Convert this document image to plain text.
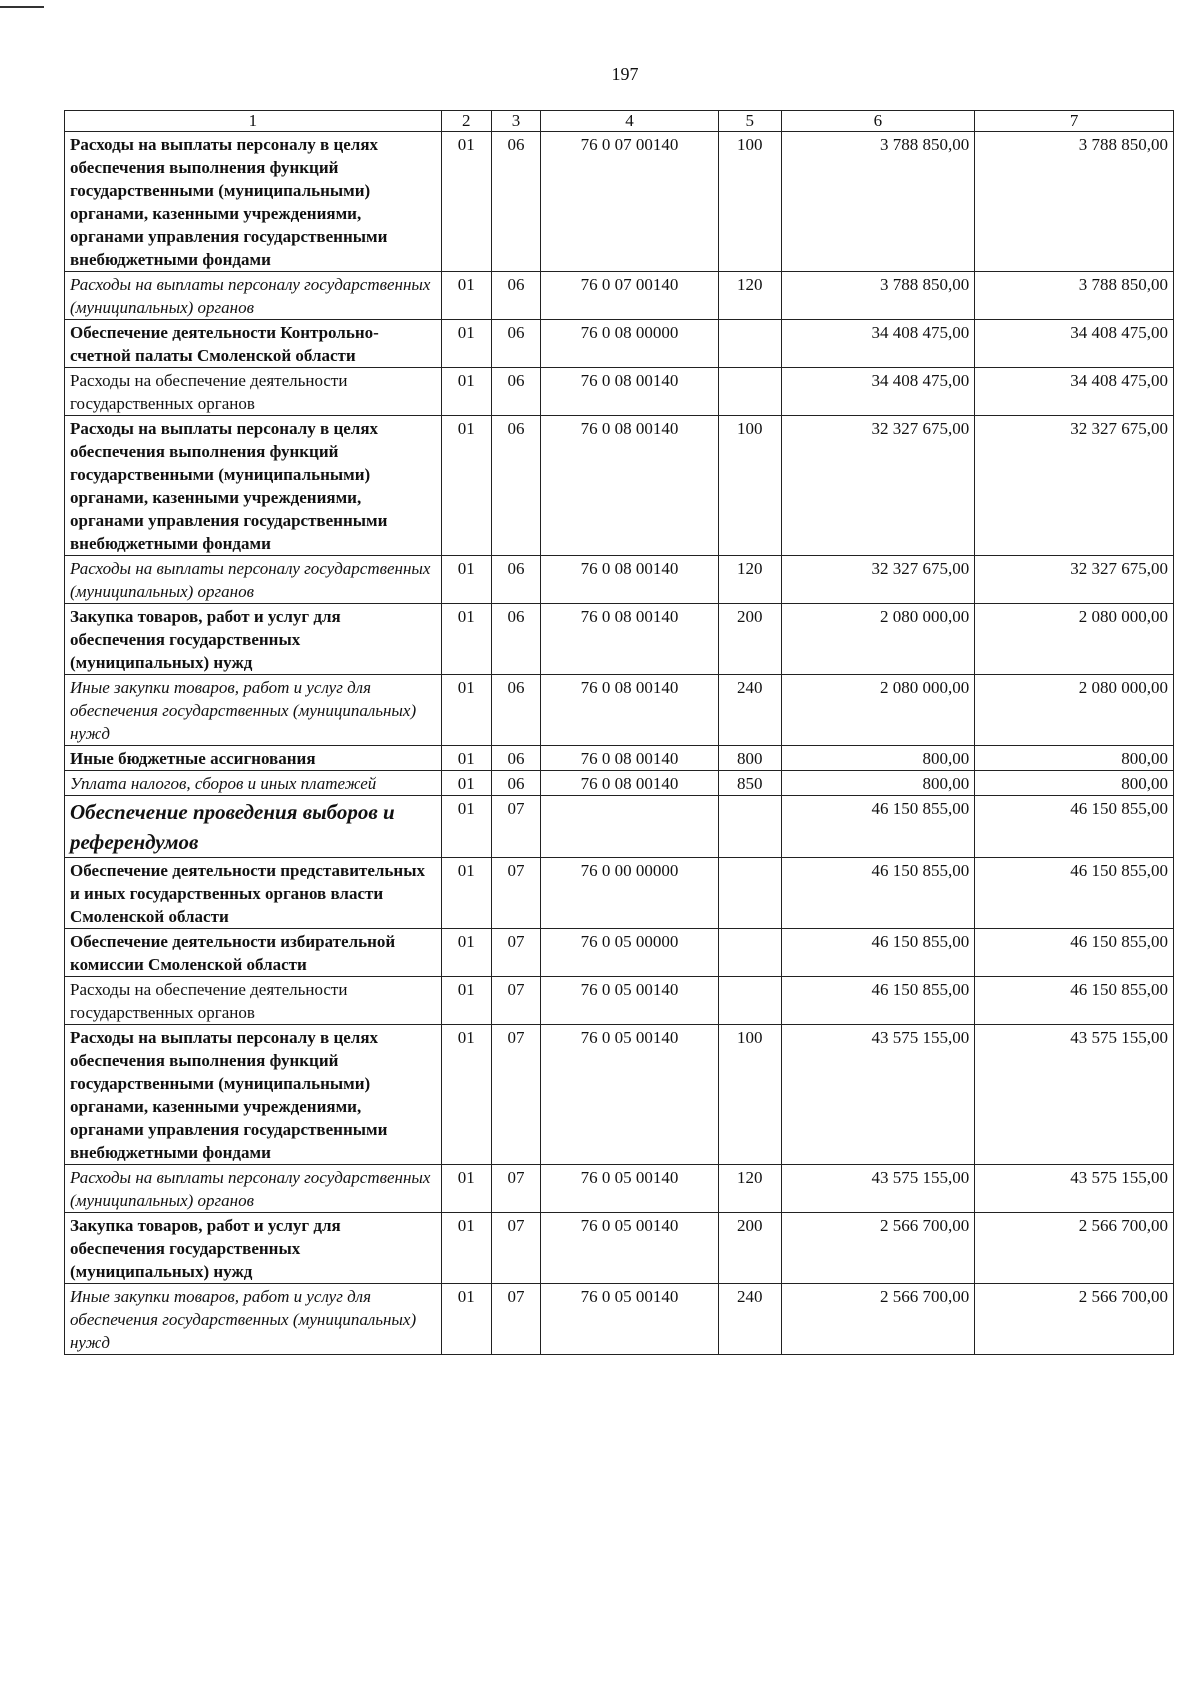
197
1	2	3	4	5	6	7
Расходы на выплаты персоналу в целях обеспечения выполнения функций государственными (муниципальными) органами, казенными учреждениями, органами управления государственными внебюджетными фондами	01	06	76 0 07 00140	100	3 788 850,00	3 788 850,00
Расходы на выплаты персоналу государственных (муниципальных) органов	01	06	76 0 07 00140	120	3 788 850,00	3 788 850,00
Обеспечение деятельности Контрольно-счетной палаты Смоленской области	01	06	76 0 08 00000		34 408 475,00	34 408 475,00
Расходы на обеспечение деятельности государственных органов	01	06	76 0 08 00140		34 408 475,00	34 408 475,00
Расходы на выплаты персоналу в целях обеспечения выполнения функций государственными (муниципальными) органами, казенными учреждениями, органами управления государственными внебюджетными фондами	01	06	76 0 08 00140	100	32 327 675,00	32 327 675,00
Расходы на выплаты персоналу государственных (муниципальных) органов	01	06	76 0 08 00140	120	32 327 675,00	32 327 675,00
Закупка товаров, работ и услуг для обеспечения государственных (муниципальных) нужд	01	06	76 0 08 00140	200	2 080 000,00	2 080 000,00
Иные закупки товаров, работ и услуг для обеспечения государственных (муниципальных) нужд	01	06	76 0 08 00140	240	2 080 000,00	2 080 000,00
Иные бюджетные ассигнования	01	06	76 0 08 00140	800	800,00	800,00
Уплата налогов, сборов и иных платежей	01	06	76 0 08 00140	850	800,00	800,00
Обеспечение проведения выборов и референдумов	01	07			46 150 855,00	46 150 855,00
Обеспечение деятельности представительных и иных государственных органов власти Смоленской области	01	07	76 0 00 00000		46 150 855,00	46 150 855,00
Обеспечение деятельности избирательной комиссии Смоленской области	01	07	76 0 05 00000		46 150 855,00	46 150 855,00
Расходы на обеспечение деятельности государственных органов	01	07	76 0 05 00140		46 150 855,00	46 150 855,00
Расходы на выплаты персоналу в целях обеспечения выполнения функций государственными (муниципальными) органами, казенными учреждениями, органами управления государственными внебюджетными фондами	01	07	76 0 05 00140	100	43 575 155,00	43 575 155,00
Расходы на выплаты персоналу государственных (муниципальных) органов	01	07	76 0 05 00140	120	43 575 155,00	43 575 155,00
Закупка товаров, работ и услуг для обеспечения государственных (муниципальных) нужд	01	07	76 0 05 00140	200	2 566 700,00	2 566 700,00
Иные закупки товаров, работ и услуг для обеспечения государственных (муниципальных) нужд	01	07	76 0 05 00140	240	2 566 700,00	2 566 700,00
